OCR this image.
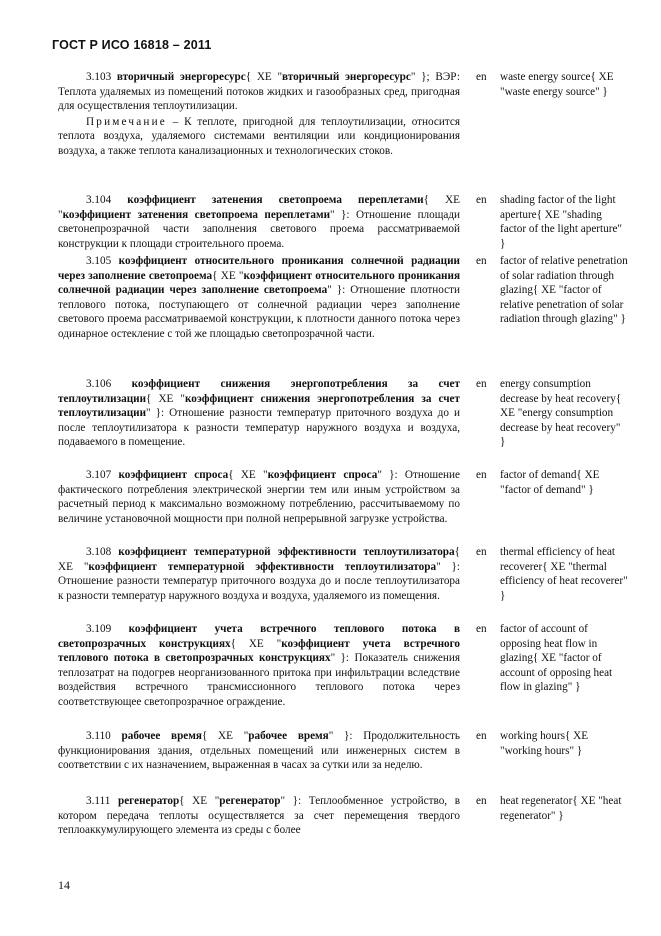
ГОСТ Р ИСО 16818 – 2011

3.103 вторичный энергоресурс{ XE "вторичный энергоресурс" }; ВЭР: Теплота удаляемых из помещений потоков жидких и газообразных сред, пригодная для осуществления теплоутилизации.

Примечание – К теплоте, пригодной для теплоутилизации, относится теплота воздуха, удаляемого системами вентиляции или кондиционирования воздуха, а также теплота канализационных и технологических стоков.

en waste energy source{ XE "waste energy source" }

3.104 коэффициент затенения светопроема переплетами{ XE "коэффициент затенения светопроема переплетами" }: Отношение площади светонепрозрачной части заполнения светового проема рассматриваемой конструкции к площади строительного проема.

en shading factor of the light aperture{ XE "shading factor of the light aperture" }

3.105 коэффициент относительного проникания солнечной радиации через заполнение светопроема{ XE "коэффициент относительного проникания солнечной радиации через заполнение светопроема" }: Отношение плотности теплового потока, поступающего от солнечной радиации через заполнение светового проема рассматриваемой конструкции, к плотности данного потока через одинарное остекление с той же площадью светопрозрачной части.

en factor of relative penetration of solar radiation through glazing{ XE "factor of relative penetration of solar radiation through glazing" }

3.106 коэффициент снижения энергопотребления за счет теплоутилизации{ XE "коэффициент снижения энергопотребления за счет теплоутилизации" }: Отношение разности температур приточного воздуха до и после теплоутилизатора к разности температур наружного воздуха и воздуха, подаваемого в помещение.

en energy consumption decrease by heat recovery{ XE "energy consumption decrease by heat recovery" }

3.107 коэффициент спроса{ XE "коэффициент спроса" }: Отношение фактического потребления электрической энергии тем или иным устройством за расчетный период к максимально возможному потреблению, рассчитываемому по величине установочной мощности при полной непрерывной загрузке устройства.

en factor of demand{ XE "factor of demand" }

3.108 коэффициент температурной эффективности теплоутилизатора{ XE "коэффициент температурной эффективности теплоутилизатора" }: Отношение разности температур приточного воздуха до и после теплоутилизатора к разности температур наружного воздуха и воздуха, удаляемого из помещения.

en thermal efficiency of heat recoverer{ XE "thermal efficiency of heat recoverer" }

3.109 коэффициент учета встречного теплового потока в светопрозрачных конструкциях{ XE "коэффициент учета встречного теплового потока в светопрозрачных конструкциях" }: Показатель снижения теплозатрат на подогрев неорганизованного притока при инфильтрации вследствие воздействия встречного трансмиссионного теплового потока через соответствующее светопрозрачное ограждение.

en factor of account of opposing heat flow in glazing{ XE "factor of account of opposing heat flow in glazing" }

3.110 рабочее время{ XE "рабочее время" }: Продолжительность функционирования здания, отдельных помещений или инженерных систем в соответствии с их назначением, выраженная в часах за сутки или за неделю.

en working hours{ XE "working hours" }

3.111 регенератор{ XE "регенератор" }: Теплообменное устройство, в котором передача теплоты осуществляется за счет перемещения твердого теплоаккумулирующего элемента из среды с более

en heat regenerator{ XE "heat regenerator" }
14
